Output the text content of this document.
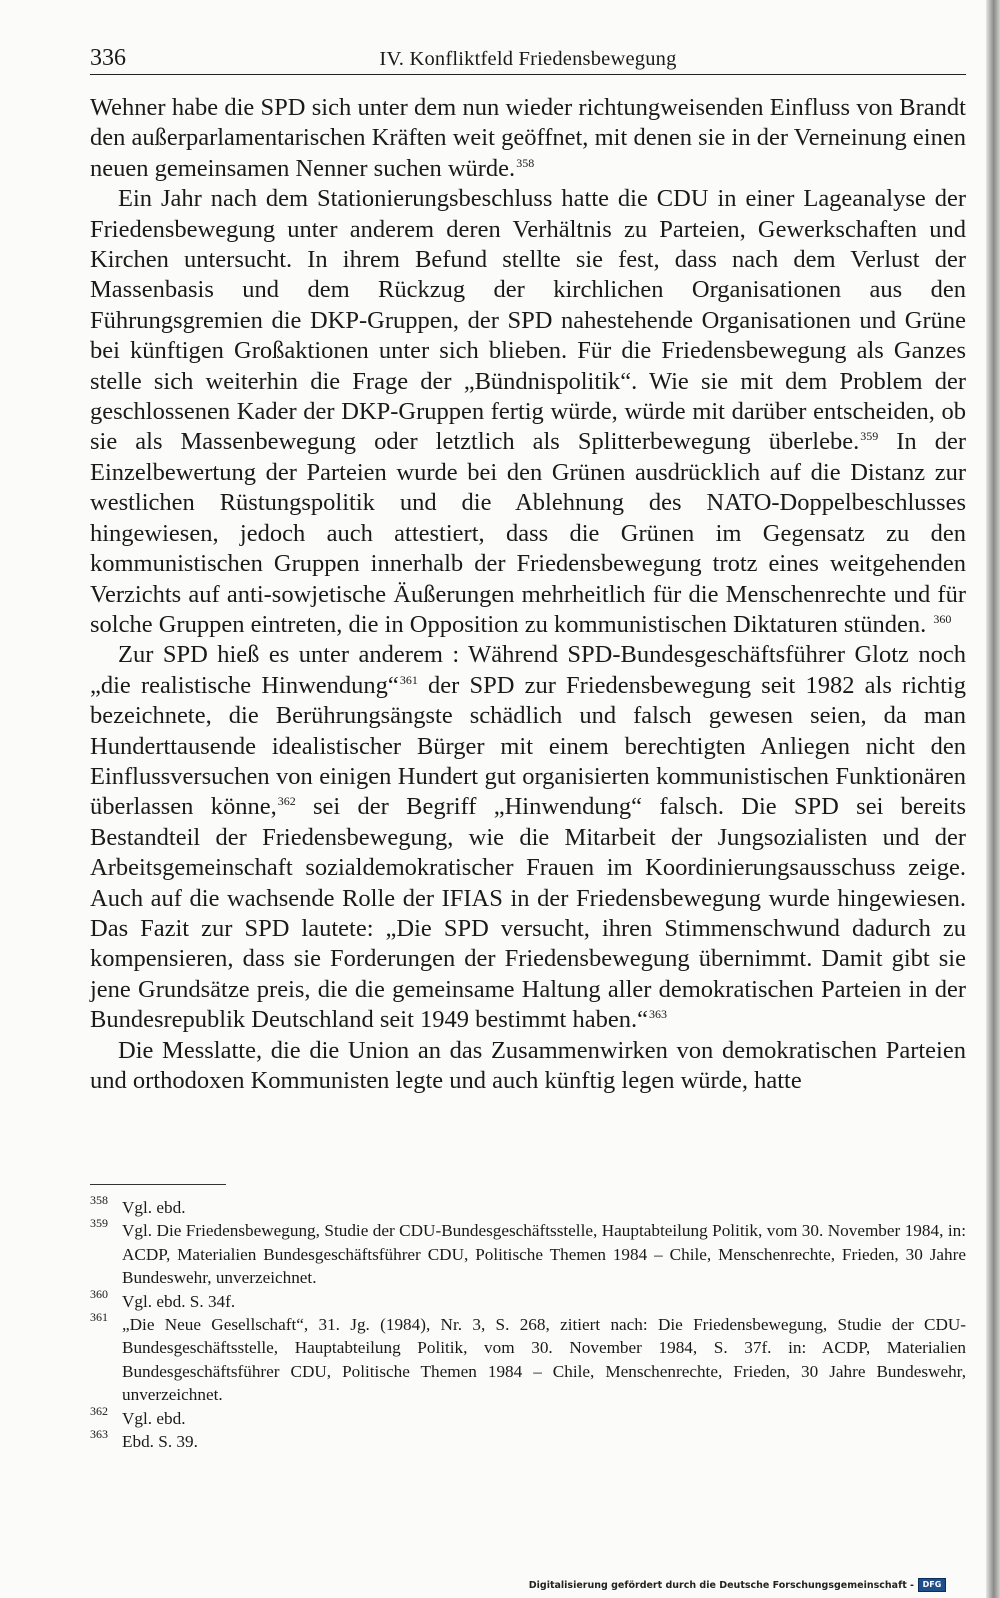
336	IV. Konfliktfeld Friedensbewegung

Wehner habe die SPD sich unter dem nun wieder richtungweisenden Einfluss von Brandt den außerparlamentarischen Kräften weit geöffnet, mit denen sie in der Verneinung einen neuen gemeinsamen Nenner suchen würde.$^{358}$

Ein Jahr nach dem Stationierungsbeschluss hatte die CDU in einer Lageanalyse der Friedensbewegung unter anderem deren Verhältnis zu Parteien, Gewerkschaften und Kirchen untersucht. In ihrem Befund stellte sie fest, dass nach dem Verlust der Massenbasis und dem Rückzug der kirchlichen Organisationen aus den Führungsgremien die DKP-Gruppen, der SPD nahestehende Organisationen und Grüne bei künftigen Großaktionen unter sich blieben. Für die Friedensbewegung als Ganzes stelle sich weiterhin die Frage der „Bündnispolitik“. Wie sie mit dem Problem der geschlossenen Kader der DKP-Gruppen fertig würde, würde mit darüber entscheiden, ob sie als Massenbewegung oder letztlich als Splitterbewegung überlebe.$^{359}$ In der Einzelbewertung der Parteien wurde bei den Grünen ausdrücklich auf die Distanz zur westlichen Rüstungspolitik und die Ablehnung des NATO-Doppelbeschlusses hingewiesen, jedoch auch attestiert, dass die Grünen im Gegensatz zu den kommunistischen Gruppen innerhalb der Friedensbewegung trotz eines weitgehenden Verzichts auf anti-sowjetische Äußerungen mehrheitlich für die Menschenrechte und für solche Gruppen eintreten, die in Opposition zu kommunistischen Diktaturen stünden. $^{360}$

Zur SPD hieß es unter anderem : Während SPD-Bundesgeschäftsführer Glotz noch „die realistische Hinwendung“$^{361}$ der SPD zur Friedensbewegung seit 1982 als richtig bezeichnete, die Berührungsängste schädlich und falsch gewesen seien, da man Hunderttausende idealistischer Bürger mit einem berechtigten Anliegen nicht den Einflussversuchen von einigen Hundert gut organisierten kommunistischen Funktionären überlassen könne,$^{362}$ sei der Begriff „Hinwendung“ falsch. Die SPD sei bereits Bestandteil der Friedensbewegung, wie die Mitarbeit der Jungsozialisten und der Arbeitsgemeinschaft sozialdemokratischer Frauen im Koordinierungsausschuss zeige. Auch auf die wachsende Rolle der IFIAS in der Friedensbewegung wurde hingewiesen. Das Fazit zur SPD lautete: „Die SPD versucht, ihren Stimmenschwund dadurch zu kompensieren, dass sie Forderungen der Friedensbewegung übernimmt. Damit gibt sie jene Grundsätze preis, die die gemeinsame Haltung aller demokratischen Parteien in der Bundesrepublik Deutschland seit 1949 bestimmt haben.“$^{363}$

Die Messlatte, die die Union an das Zusammenwirken von demokratischen Parteien und orthodoxen Kommunisten legte und auch künftig legen würde, hatte

358 Vgl. ebd.
359 Vgl. Die Friedensbewegung, Studie der CDU-Bundesgeschäftsstelle, Hauptabteilung Politik, vom 30. November 1984, in: ACDP, Materialien Bundesgeschäftsführer CDU, Politische Themen 1984 – Chile, Menschenrechte, Frieden, 30 Jahre Bundeswehr, unverzeichnet.
360 Vgl. ebd. S. 34f.
361 „Die Neue Gesellschaft“, 31. Jg. (1984), Nr. 3, S. 268, zitiert nach: Die Friedensbewegung, Studie der CDU-Bundesgeschäftsstelle, Hauptabteilung Politik, vom 30. November 1984, S. 37f. in: ACDP, Materialien Bundesgeschäftsführer CDU, Politische Themen 1984 – Chile, Menschenrechte, Frieden, 30 Jahre Bundeswehr, unverzeichnet.
362 Vgl. ebd.
363 Ebd. S. 39.
Digitalisierung gefördert durch die Deutsche Forschungsgemeinschaft -	DFG
